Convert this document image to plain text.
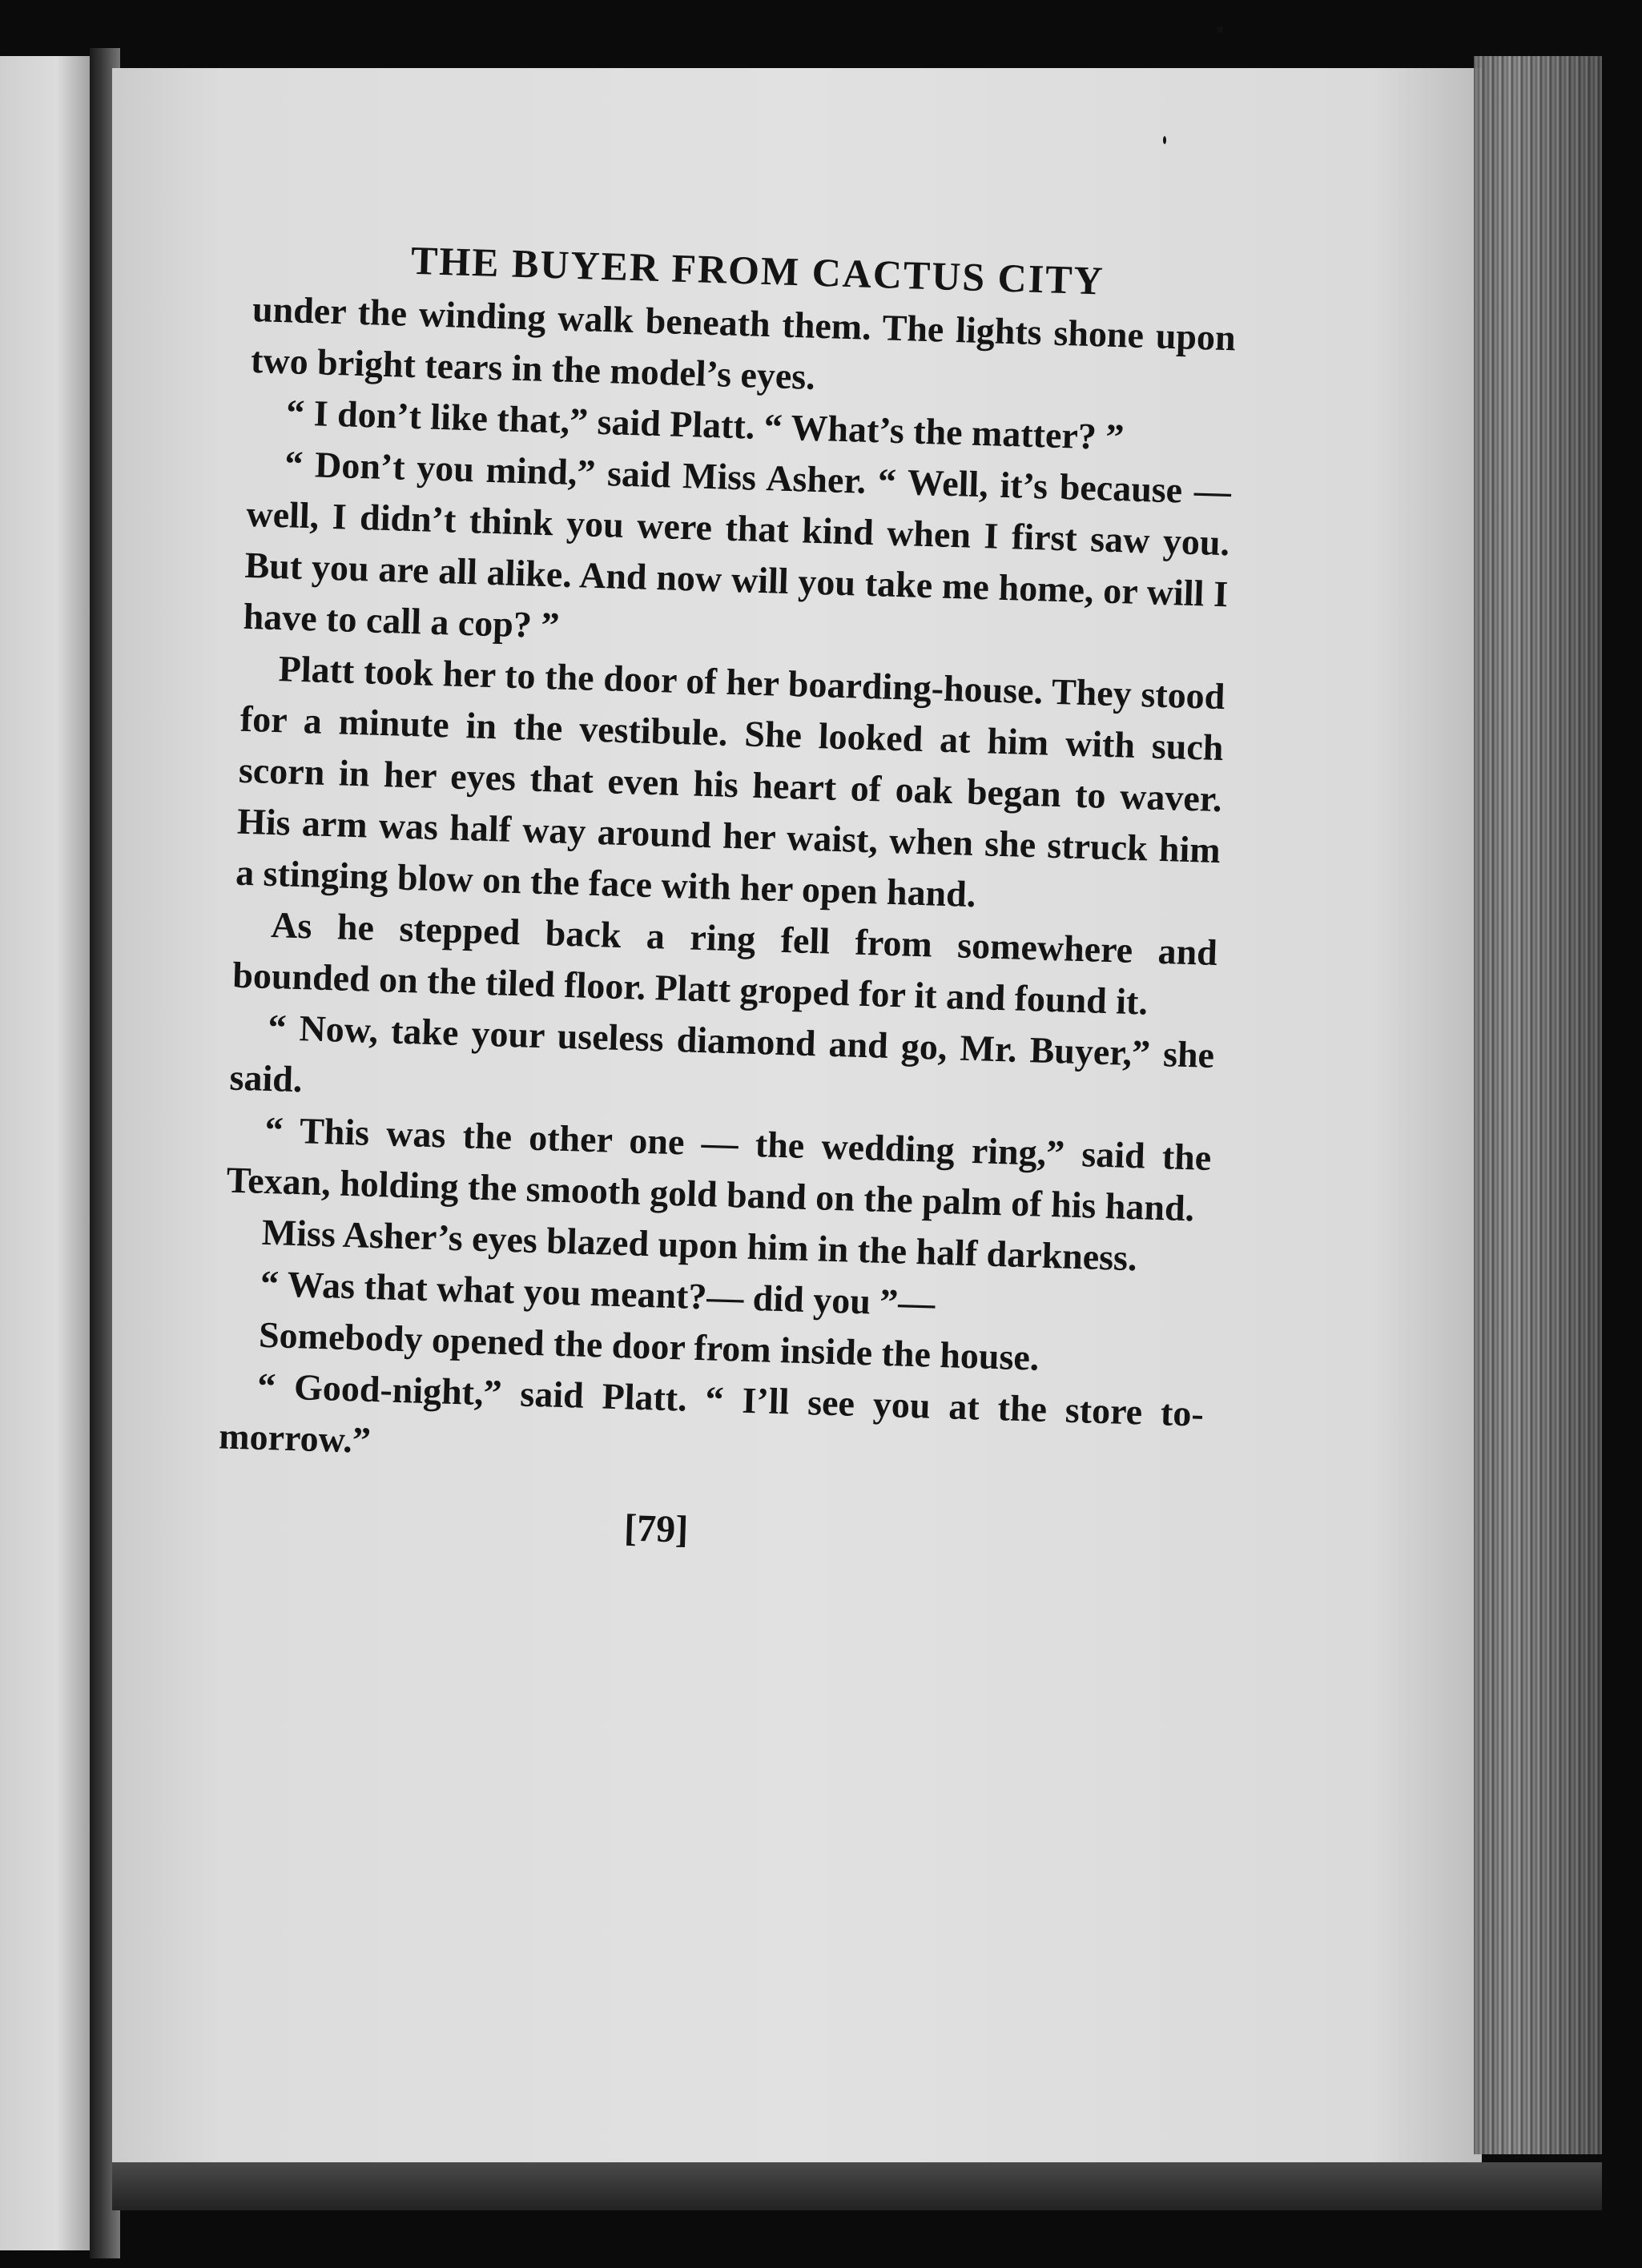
THE BUYER FROM CACTUS CITY

under the winding walk beneath them. The lights shone upon two bright tears in the model’s eyes.

“ I don’t like that,” said Platt. “ What’s the matter? ”

“ Don’t you mind,” said Miss Asher. “ Well, it’s because — well, I didn’t think you were that kind when I first saw you. But you are all alike. And now will you take me home, or will I have to call a cop? ”

Platt took her to the door of her boarding-house. They stood for a minute in the vestibule. She looked at him with such scorn in her eyes that even his heart of oak began to waver. His arm was half way around her waist, when she struck him a stinging blow on the face with her open hand.

As he stepped back a ring fell from somewhere and bounded on the tiled floor. Platt groped for it and found it.

“ Now, take your useless diamond and go, Mr. Buyer,” she said.

“ This was the other one — the wedding ring,” said the Texan, holding the smooth gold band on the palm of his hand.

Miss Asher’s eyes blazed upon him in the half darkness.

“ Was that what you meant?— did you ”—

Somebody opened the door from inside the house.

“ Good-night,” said Platt. “ I’ll see you at the store to-morrow.”

[79]
